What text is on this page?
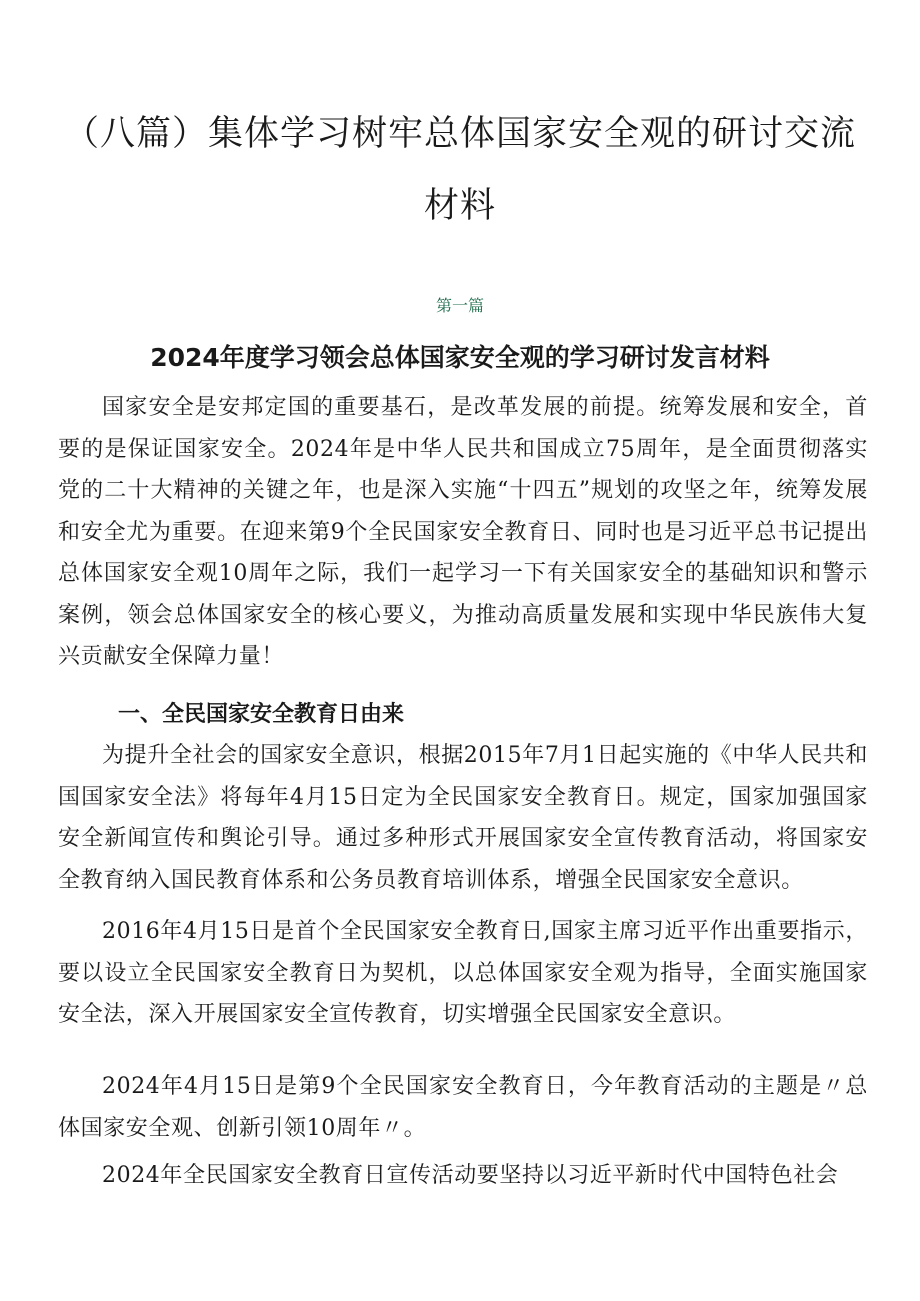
（八篇）集体学习树牢总体国家安全观的研讨交流材料
第一篇
2024年度学习领会总体国家安全观的学习研讨发言材料

国家安全是安邦定国的重要基石，是改革发展的前提。统筹发展和安全，首要的是保证国家安全。2024年是中华人民共和国成立75周年，是全面贯彻落实党的二十大精神的关键之年，也是深入实施“十四五”规划的攻坚之年，统筹发展和安全尤为重要。在迎来第9个全民国家安全教育日、同时也是习近平总书记提出总体国家安全观10周年之际，我们一起学习一下有关国家安全的基础知识和警示案例，领会总体国家安全的核心要义，为推动高质量发展和实现中华民族伟大复兴贡献安全保障力量！

一、全民国家安全教育日由来

为提升全社会的国家安全意识，根据2015年7月1日起实施的《中华人民共和国国家安全法》将每年4月15日定为全民国家安全教育日。规定，国家加强国家安全新闻宣传和舆论引导。通过多种形式开展国家安全宣传教育活动，将国家安全教育纳入国民教育体系和公务员教育培训体系，增强全民国家安全意识。

2016年4月15日是首个全民国家安全教育日,国家主席习近平作出重要指示，要以设立全民国家安全教育日为契机，以总体国家安全观为指导，全面实施国家安全法，深入开展国家安全宣传教育，切实增强全民国家安全意识。

2024年4月15日是第9个全民国家安全教育日，今年教育活动的主题是〃总体国家安全观、创新引领10周年〃。

2024年全民国家安全教育日宣传活动要坚持以习近平新时代中国特色社会
